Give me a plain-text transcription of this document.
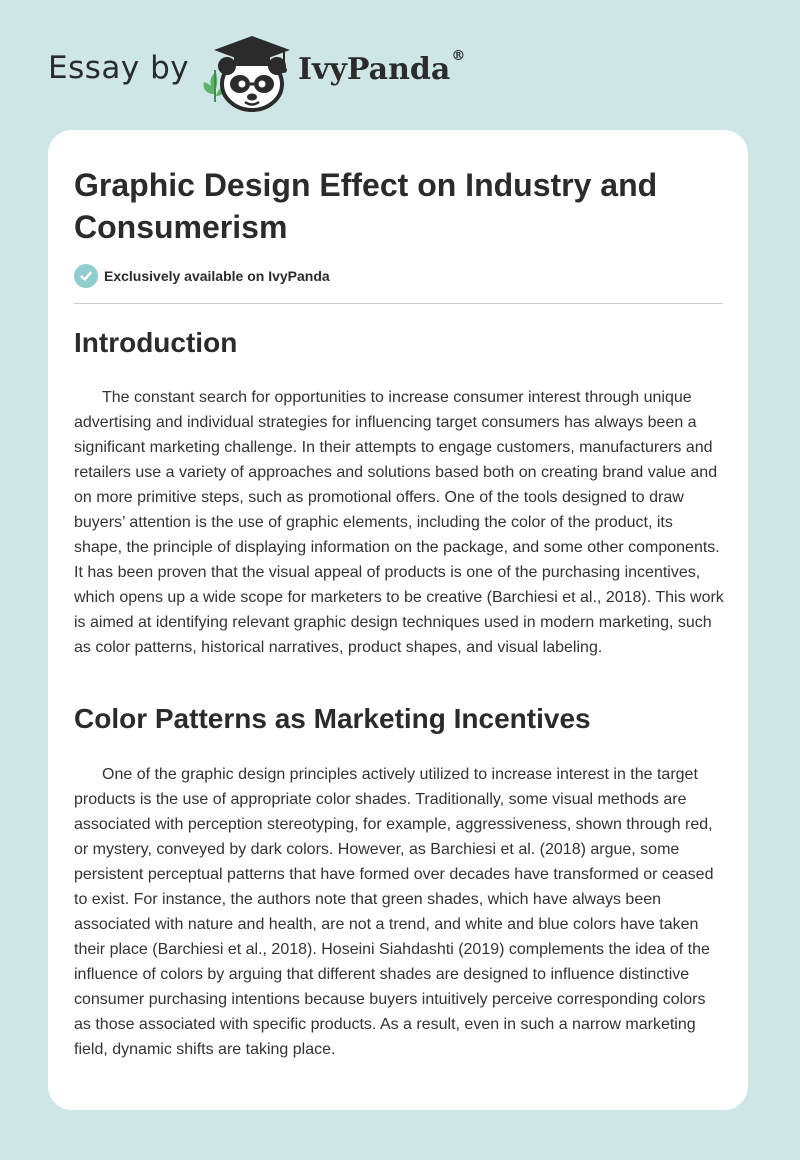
Essay by	IvyPanda®
Graphic Design Effect on Industry and Consumerism
Exclusively available on IvyPanda
Introduction

The constant search for opportunities to increase consumer interest through unique advertising and individual strategies for influencing target consumers has always been a significant marketing challenge. In their attempts to engage customers, manufacturers and retailers use a variety of approaches and solutions based both on creating brand value and on more primitive steps, such as promotional offers. One of the tools designed to draw buyers’ attention is the use of graphic elements, including the color of the product, its shape, the principle of displaying information on the package, and some other components. It has been proven that the visual appeal of products is one of the purchasing incentives, which opens up a wide scope for marketers to be creative (Barchiesi et al., 2018). This work is aimed at identifying relevant graphic design techniques used in modern marketing, such as color patterns, historical narratives, product shapes, and visual labeling.

Color Patterns as Marketing Incentives

One of the graphic design principles actively utilized to increase interest in the target products is the use of appropriate color shades. Traditionally, some visual methods are associated with perception stereotyping, for example, aggressiveness, shown through red, or mystery, conveyed by dark colors. However, as Barchiesi et al. (2018) argue, some persistent perceptual patterns that have formed over decades have transformed or ceased to exist. For instance, the authors note that green shades, which have always been associated with nature and health, are not a trend, and white and blue colors have taken their place (Barchiesi et al., 2018). Hoseini Siahdashti (2019) complements the idea of the influence of colors by arguing that different shades are designed to influence distinctive consumer purchasing intentions because buyers intuitively perceive corresponding colors as those associated with specific products. As a result, even in such a narrow marketing field, dynamic shifts are taking place.
